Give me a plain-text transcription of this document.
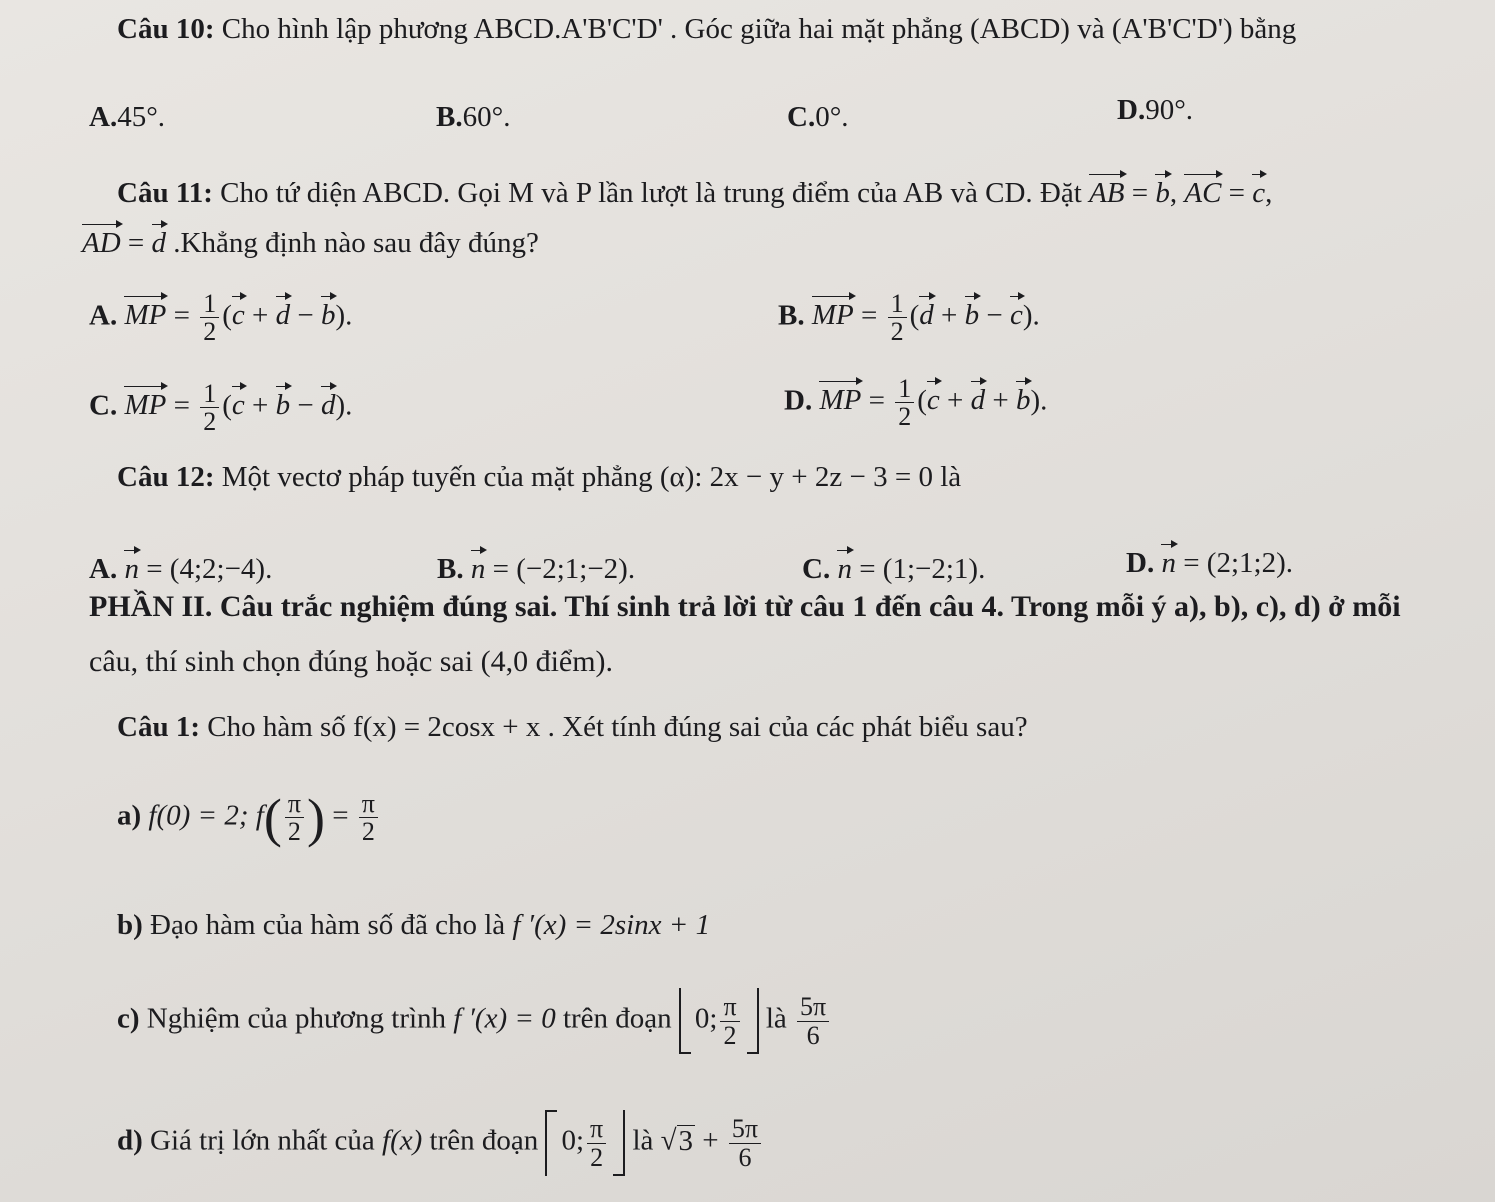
Câu 10: Cho hình lập phương ABCD.A'B'C'D' . Góc giữa hai mặt phẳng (ABCD) và (A'B'C'D') bằng
A.45°.	B.60°.	C.0°.	D.90°.
Câu 11: Cho tứ diện ABCD. Gọi M và P lần lượt là trung điểm của AB và CD. Đặt AB = b, AC = c,
AD = d .Khẳng định nào sau đây đúng?
A. MP = $\frac{1}{2} (c + d - b)$.	B. MP = $\frac{1}{2} (d + b - c)$.
C. MP = $\frac{1}{2} (c + b - d)$.	D. MP = $\frac{1}{2} (c + d + b)$.
Câu 12: Một vectơ pháp tuyến của mặt phẳng (α): 2x − y + 2z − 3 = 0 là
A. n = (4;2;−4).	B. n = (−2;1;−2).	C. n = (1;−2;1).	D. n = (2;1;2).
PHẦN II. Câu trắc nghiệm đúng sai. Thí sinh trả lời từ câu 1 đến câu 4. Trong mỗi ý a), b), c), d) ở mỗi
câu, thí sinh chọn đúng hoặc sai (4,0 điểm).
Câu 1: Cho hàm số f(x) = 2cosx + x . Xét tính đúng sai của các phát biểu sau?
a) f(0) = 2; $f( \frac{\pi}{2}$ ) = $\frac{\pi}{2}$
b) Đạo hàm của hàm số đã cho là f ′(x) = 2sinx + 1
c) Nghiệm của phương trình f ′(x) = 0 trên đoạn 0; $\frac{\pi}{2}$ là $\frac{5\pi}{6}$
d) Giá trị lớn nhất của f(x) trên đoạn 0; $\frac{\pi}{2}$ là $√3 + \frac{5\pi}{6}$
